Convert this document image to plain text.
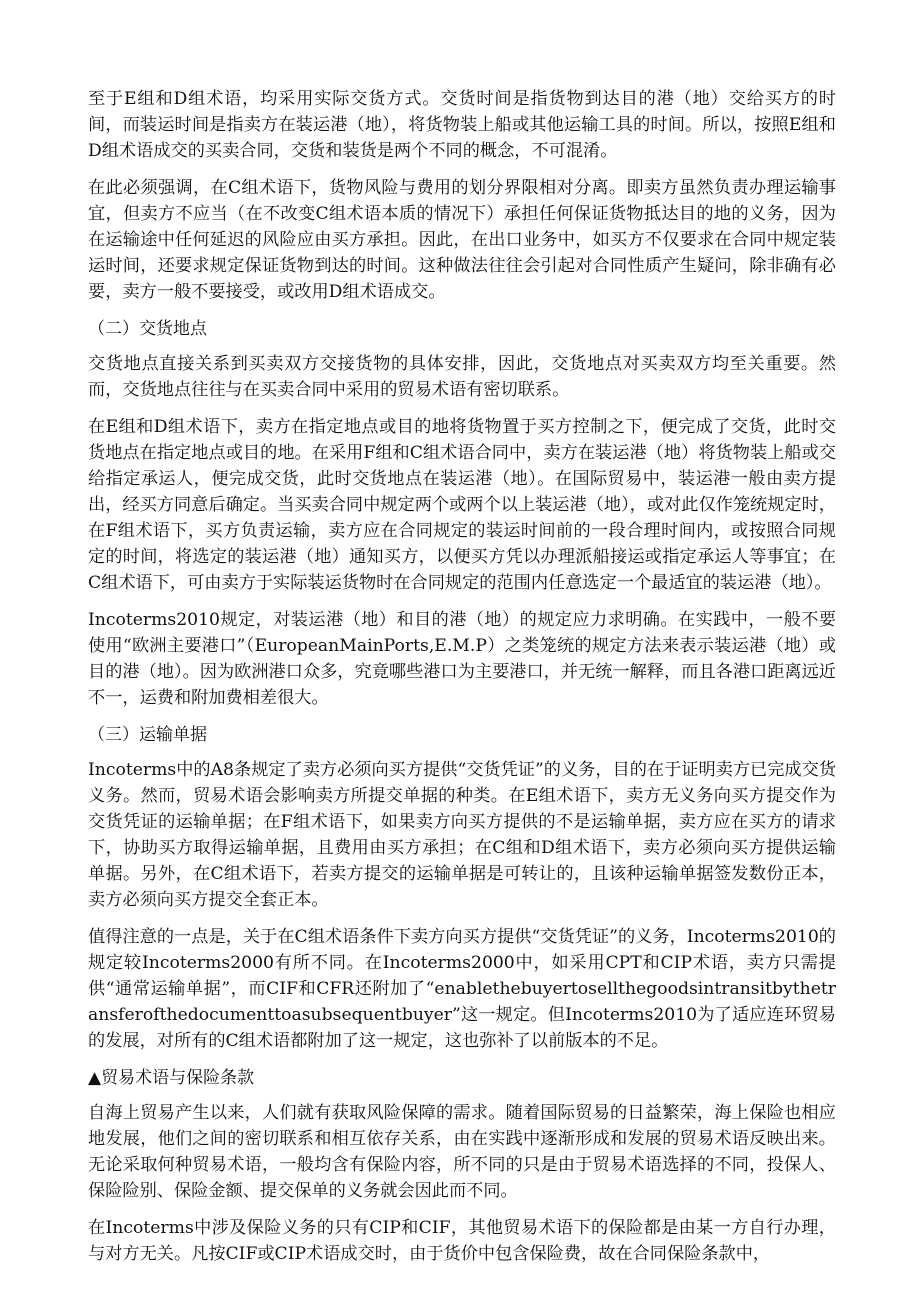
至于E组和D组术语，均采用实际交货方式。交货时间是指货物到达目的港（地）交给买方的时间，而装运时间是指卖方在装运港（地），将货物装上船或其他运输工具的时间。所以，按照E组和D组术语成交的买卖合同，交货和装货是两个不同的概念，不可混淆。

在此必须强调，在C组术语下，货物风险与费用的划分界限相对分离。即卖方虽然负责办理运输事宜，但卖方不应当（在不改变C组术语本质的情况下）承担任何保证货物抵达目的地的义务，因为在运输途中任何延迟的风险应由买方承担。因此，在出口业务中，如买方不仅要求在合同中规定装运时间，还要求规定保证货物到达的时间。这种做法往往会引起对合同性质产生疑问，除非确有必要，卖方一般不要接受，或改用D组术语成交。

（二）交货地点

交货地点直接关系到买卖双方交接货物的具体安排，因此，交货地点对买卖双方均至关重要。然而，交货地点往往与在买卖合同中采用的贸易术语有密切联系。

在E组和D组术语下，卖方在指定地点或目的地将货物置于买方控制之下，便完成了交货，此时交货地点在指定地点或目的地。在采用F组和C组术语合同中，卖方在装运港（地）将货物装上船或交给指定承运人，便完成交货，此时交货地点在装运港（地）。在国际贸易中，装运港一般由卖方提出，经买方同意后确定。当买卖合同中规定两个或两个以上装运港（地），或对此仅作笼统规定时，在F组术语下，买方负责运输，卖方应在合同规定的装运时间前的一段合理时间内，或按照合同规定的时间，将选定的装运港（地）通知买方，以便买方凭以办理派船接运或指定承运人等事宜；在C组术语下，可由卖方于实际装运货物时在合同规定的范围内任意选定一个最适宜的装运港（地）。

Incoterms2010规定，对装运港（地）和目的港（地）的规定应力求明确。在实践中，一般不要使用“欧洲主要港口”（EuropeanMainPorts,E.M.P）之类笼统的规定方法来表示装运港（地）或目的港（地）。因为欧洲港口众多，究竟哪些港口为主要港口，并无统一解释，而且各港口距离远近不一，运费和附加费相差很大。

（三）运输单据

Incoterms中的A8条规定了卖方必须向买方提供“交货凭证”的义务，目的在于证明卖方已完成交货义务。然而，贸易术语会影响卖方所提交单据的种类。在E组术语下，卖方无义务向买方提交作为交货凭证的运输单据；在F组术语下，如果卖方向买方提供的不是运输单据，卖方应在买方的请求下，协助买方取得运输单据，且费用由买方承担；在C组和D组术语下，卖方必须向买方提供运输单据。另外，在C组术语下，若卖方提交的运输单据是可转让的，且该种运输单据签发数份正本，卖方必须向买方提交全套正本。

值得注意的一点是，关于在C组术语条件下卖方向买方提供“交货凭证”的义务，Incoterms2010的规定较Incoterms2000有所不同。在Incoterms2000中，如采用CPT和CIP术语，卖方只需提供“通常运输单据”，而CIF和CFR还附加了“enablethebuyertosellthegoodsintransitbythetransferofthedocumenttoasubsequentbuyer”这一规定。但Incoterms2010为了适应连环贸易的发展，对所有的C组术语都附加了这一规定，这也弥补了以前版本的不足。

▲贸易术语与保险条款

自海上贸易产生以来，人们就有获取风险保障的需求。随着国际贸易的日益繁荣，海上保险也相应地发展，他们之间的密切联系和相互依存关系，由在实践中逐渐形成和发展的贸易术语反映出来。无论采取何种贸易术语，一般均含有保险内容，所不同的只是由于贸易术语选择的不同，投保人、保险险别、保险金额、提交保单的义务就会因此而不同。

在Incoterms中涉及保险义务的只有CIP和CIF，其他贸易术语下的保险都是由某一方自行办理，与对方无关。凡按CIF或CIP术语成交时，由于货价中包含保险费，故在合同保险条款中，
